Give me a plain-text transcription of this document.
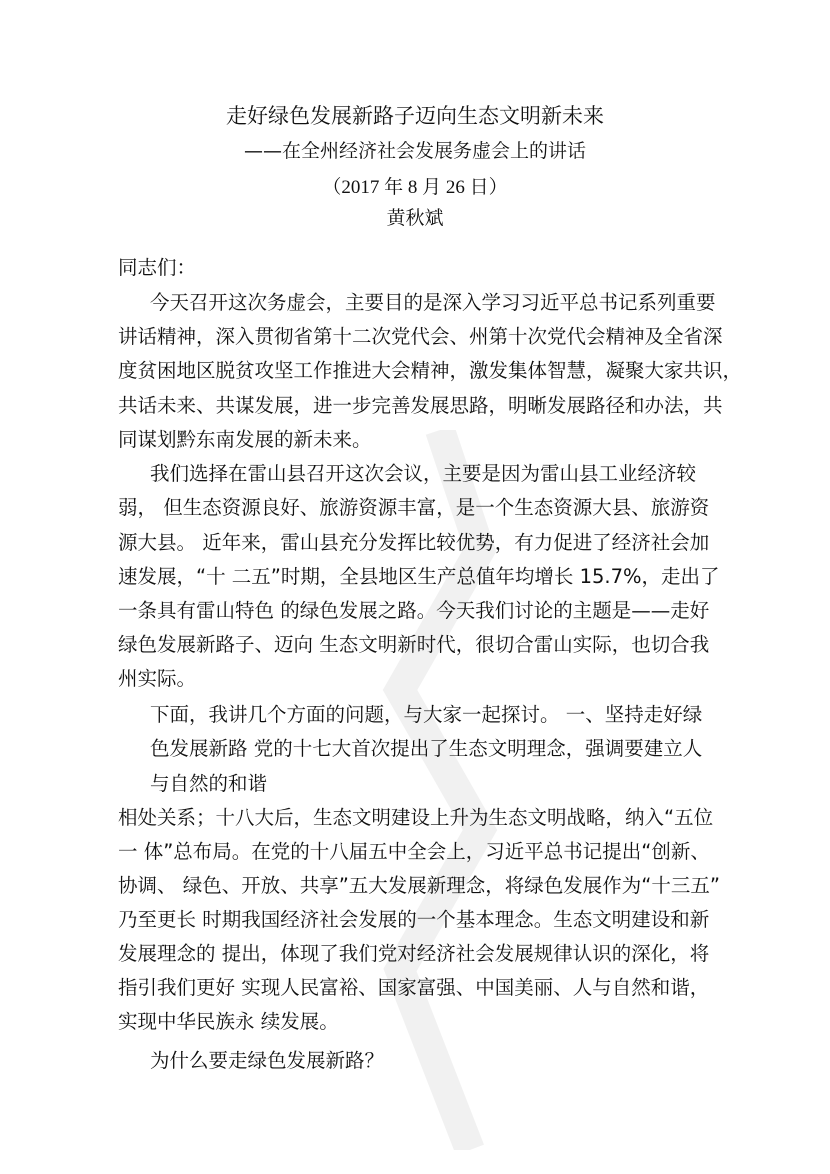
走好绿色发展新路子迈向生态文明新未来
——在全州经济社会发展务虚会上的讲话
（2017 年 8 月 26 日）
黄秋斌
同志们：
今天召开这次务虚会，主要目的是深入学习习近平总书记系列重要
讲话精神，深入贯彻省第十二次党代会、州第十次党代会精神及全省深
度贫困地区脱贫攻坚工作推进大会精神，激发集体智慧，凝聚大家共识，
共话未来、共谋发展，进一步完善发展思路，明晰发展路径和办法，共
同谋划黔东南发展的新未来。
我们选择在雷山县召开这次会议，主要是因为雷山县工业经济较
弱， 但生态资源良好、旅游资源丰富，是一个生态资源大县、旅游资
源大县。 近年来，雷山县充分发挥比较优势，有力促进了经济社会加
速发展，“十 二五”时期，全县地区生产总值年均增长 15.7%，走出了
一条具有雷山特色 的绿色发展之路。今天我们讨论的主题是——走好
绿色发展新路子、迈向 生态文明新时代，很切合雷山实际，也切合我
州实际。
下面，我讲几个方面的问题，与大家一起探讨。 一、坚持走好绿
色发展新路 党的十七大首次提出了生态文明理念，强调要建立人
与自然的和谐
相处关系；十八大后，生态文明建设上升为生态文明战略，纳入“五位
一 体”总布局。在党的十八届五中全会上，习近平总书记提出“创新、
协调、 绿色、开放、共享”五大发展新理念，将绿色发展作为“十三五”
乃至更长 时期我国经济社会发展的一个基本理念。生态文明建设和新
发展理念的 提出，体现了我们党对经济社会发展规律认识的深化，将
指引我们更好 实现人民富裕、国家富强、中国美丽、人与自然和谐，
实现中华民族永 续发展。
为什么要走绿色发展新路？
